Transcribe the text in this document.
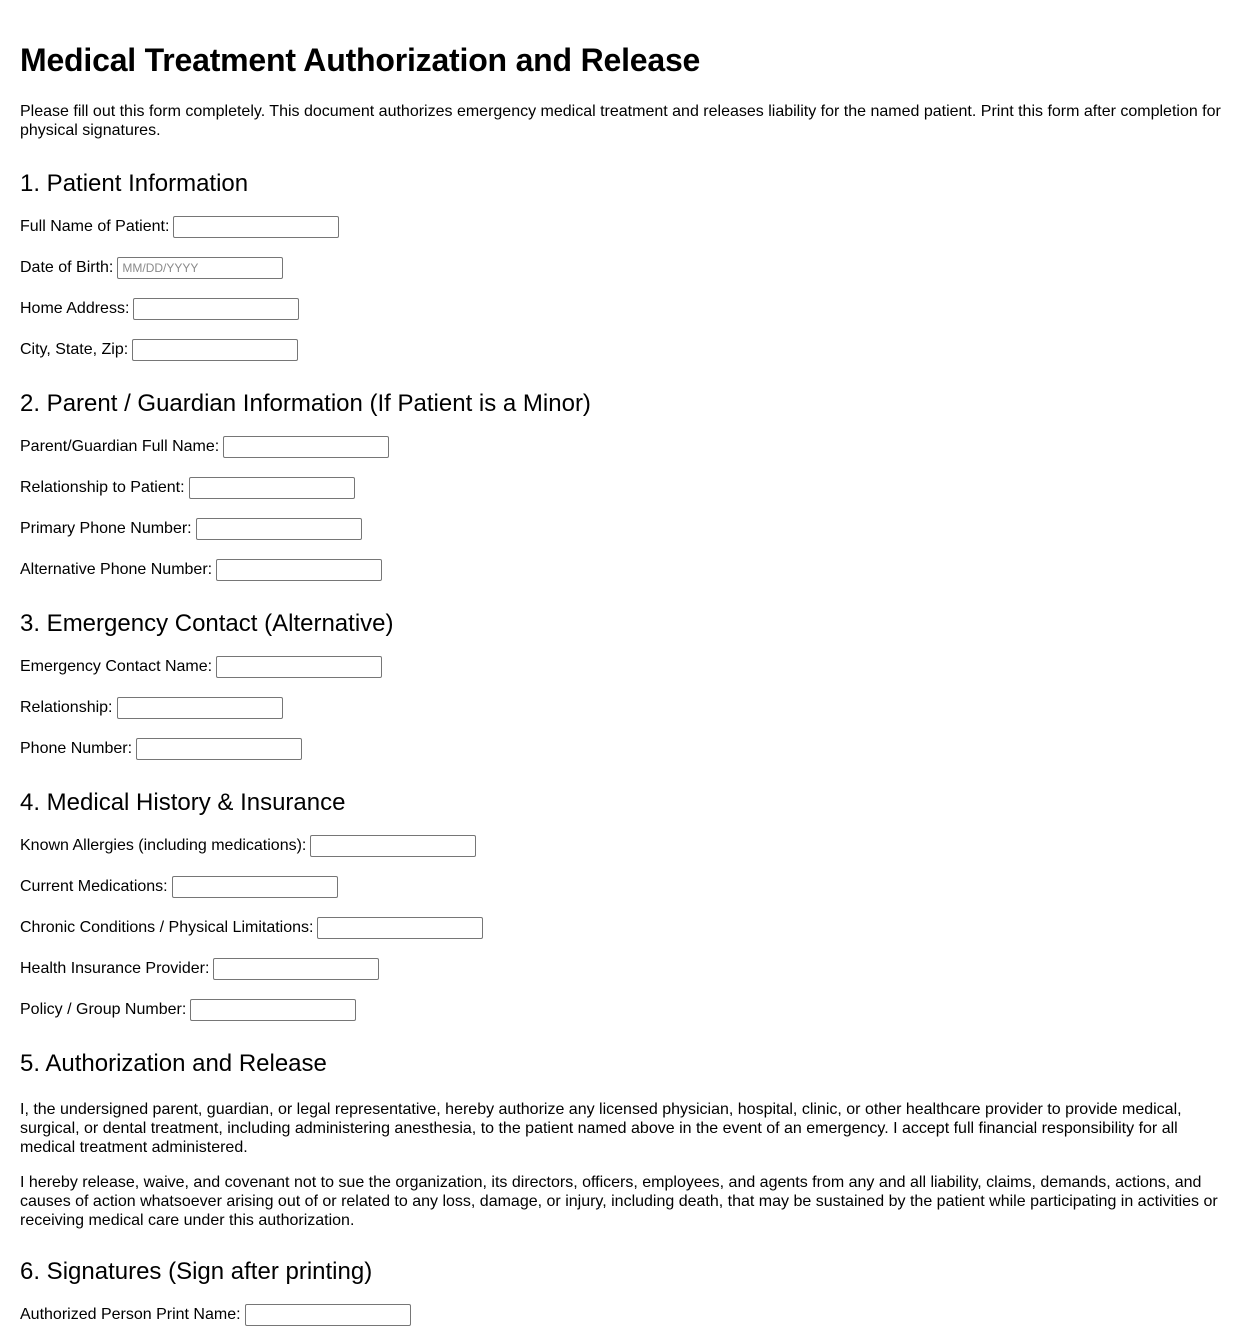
Medical Treatment Authorization and Release

Please fill out this form completely. This document authorizes emergency medical treatment and releases liability for the named patient. Print this form after completion for physical signatures.

1. Patient Information
Full Name of Patient:
Date of Birth:
MM/DD/YYYY
Home Address:
City, State, Zip:
2. Parent / Guardian Information (If Patient is a Minor)
Parent/Guardian Full Name:
Relationship to Patient:
Primary Phone Number:
Alternative Phone Number:
3. Emergency Contact (Alternative)
Emergency Contact Name:
Relationship:
Phone Number:
4. Medical History & Insurance
Known Allergies (including medications):
Current Medications:
Chronic Conditions / Physical Limitations:
Health Insurance Provider:
Policy / Group Number:
5. Authorization and Release

I, the undersigned parent, guardian, or legal representative, hereby authorize any licensed physician, hospital, clinic, or other healthcare provider to provide medical, surgical, or dental treatment, including administering anesthesia, to the patient named above in the event of an emergency. I accept full financial responsibility for all medical treatment administered.

I hereby release, waive, and covenant not to sue the organization, its directors, officers, employees, and agents from any and all liability, claims, demands, actions, and causes of action whatsoever arising out of or related to any loss, damage, or injury, including death, that may be sustained by the patient while participating in activities or receiving medical care under this authorization.

6. Signatures (Sign after printing)
Authorized Person Print Name:
